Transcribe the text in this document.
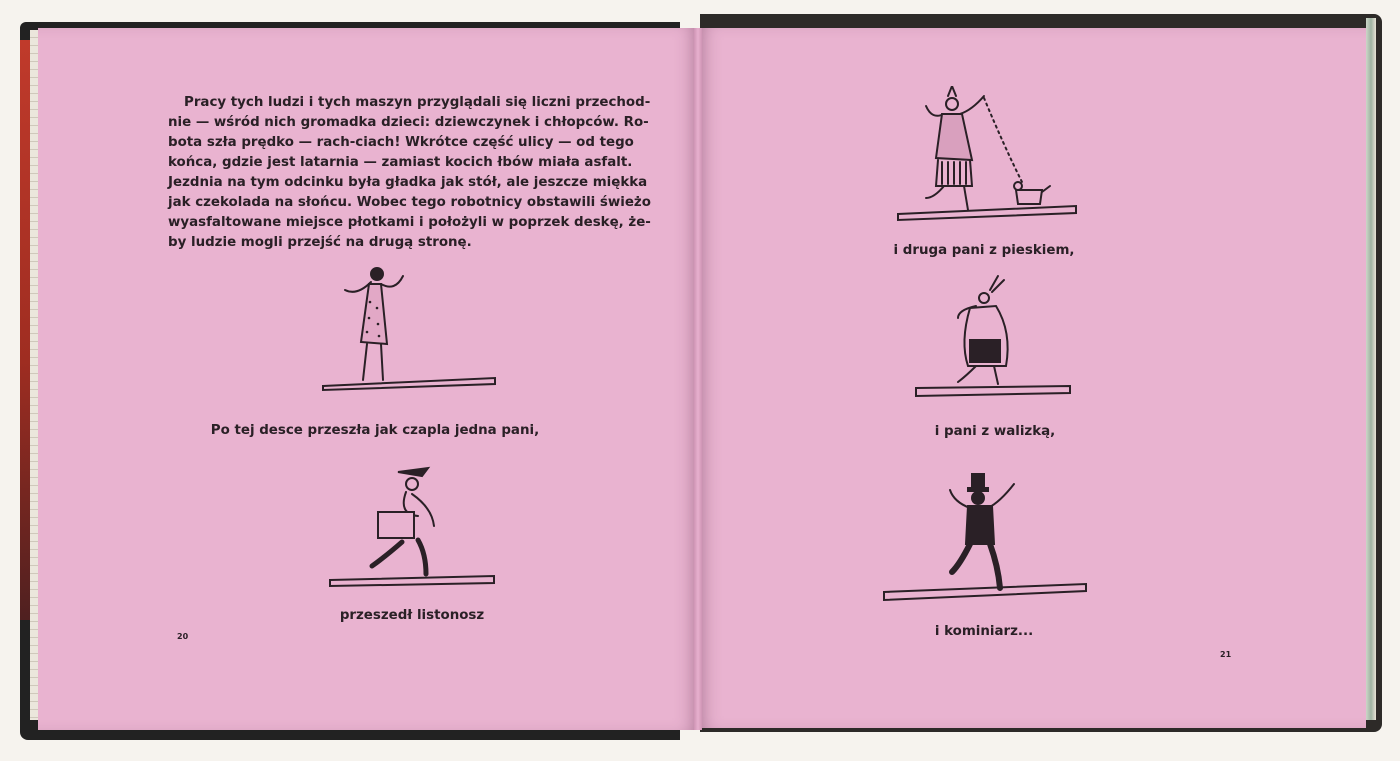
Pracy tych ludzi i tych maszyn przyglądali się liczni przechod-
nie — wśród nich gromadka dzieci: dziewczynek i chłopców. Ro-
bota szła prędko — rach-ciach! Wkrótce część ulicy — od tego
końca, gdzie jest latarnia — zamiast kocich łbów miała asfalt.
Jezdnia na tym odcinku była gładka jak stół, ale jeszcze miękka
jak czekolada na słońcu. Wobec tego robotnicy obstawili świeżo
wyasfaltowane miejsce płotkami i położyli w poprzek deskę, że-
by ludzie mogli przejść na drugą stronę.
Po tej desce przeszła jak czapla jedna pani,
przeszedł listonosz
20
i druga pani z pieskiem,
i pani z walizką,
i kominiarz...
21
